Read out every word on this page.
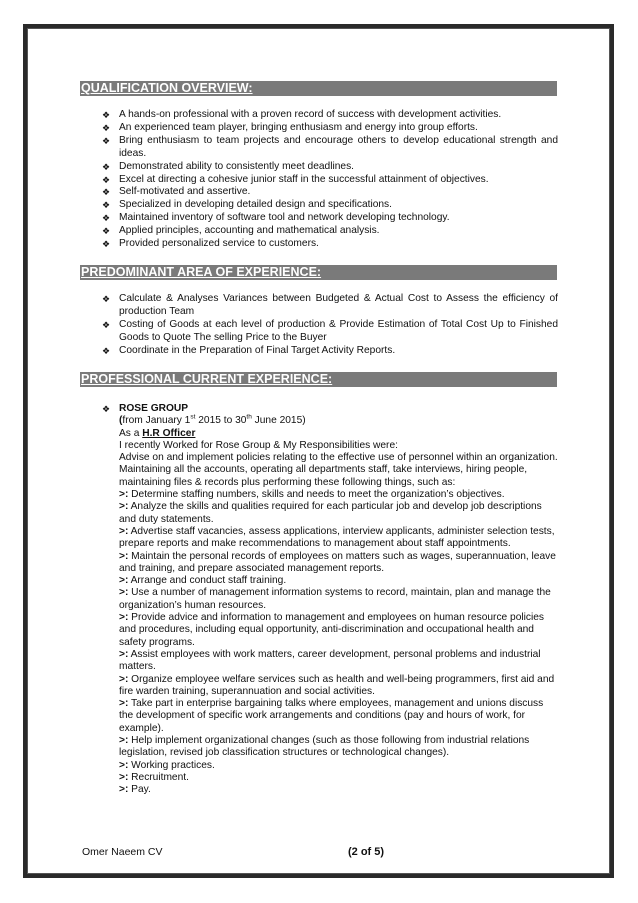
QUALIFICATION OVERVIEW:
❖ A hands-on professional with a proven record of success with development activities.
❖ An experienced team player, bringing enthusiasm and energy into group efforts.
❖ Bring enthusiasm to team projects and encourage others to develop educational strength and ideas.
❖ Demonstrated ability to consistently meet deadlines.
❖ Excel at directing a cohesive junior staff in the successful attainment of objectives.
❖ Self-motivated and assertive.
❖ Specialized in developing detailed design and specifications.
❖ Maintained inventory of software tool and network developing technology.
❖ Applied principles, accounting and mathematical analysis.
❖ Provided personalized service to customers.
PREDOMINANT AREA OF EXPERIENCE:
❖ Calculate & Analyses Variances between Budgeted & Actual Cost to Assess the efficiency of production Team
❖ Costing of Goods at each level of production & Provide Estimation of Total Cost Up to Finished Goods to Quote The selling Price to the Buyer
❖ Coordinate in the Preparation of Final Target Activity Reports.
PROFESSIONAL CURRENT EXPERIENCE:
❖ ROSE GROUP
(from January 1st 2015 to 30th June 2015)
As a H.R Officer
I recently Worked for Rose Group & My Responsibilities were:
Advise on and implement policies relating to the effective use of personnel within an organization. Maintaining all the accounts, operating all departments staff, take interviews, hiring people, maintaining files & records plus performing these following things, such as:
>: Determine staffing numbers, skills and needs to meet the organization’s objectives.
>: Analyze the skills and qualities required for each particular job and develop job descriptions and duty statements.
>: Advertise staff vacancies, assess applications, interview applicants, administer selection tests, prepare reports and make recommendations to management about staff appointments.
>: Maintain the personal records of employees on matters such as wages, superannuation, leave and training, and prepare associated management reports.
>: Arrange and conduct staff training.
>: Use a number of management information systems to record, maintain, plan and manage the organization’s human resources.
>: Provide advice and information to management and employees on human resource policies and procedures, including equal opportunity, anti-discrimination and occupational health and safety programs.
>: Assist employees with work matters, career development, personal problems and industrial matters.
>: Organize employee welfare services such as health and well-being programmers, first aid and fire warden training, superannuation and social activities.
>: Take part in enterprise bargaining talks where employees, management and unions discuss the development of specific work arrangements and conditions (pay and hours of work, for example).
>: Help implement organizational changes (such as those following from industrial relations legislation, revised job classification structures or technological changes).
>: Working practices.
>: Recruitment.
>: Pay.
Omer Naeem CV	(2 of 5)
